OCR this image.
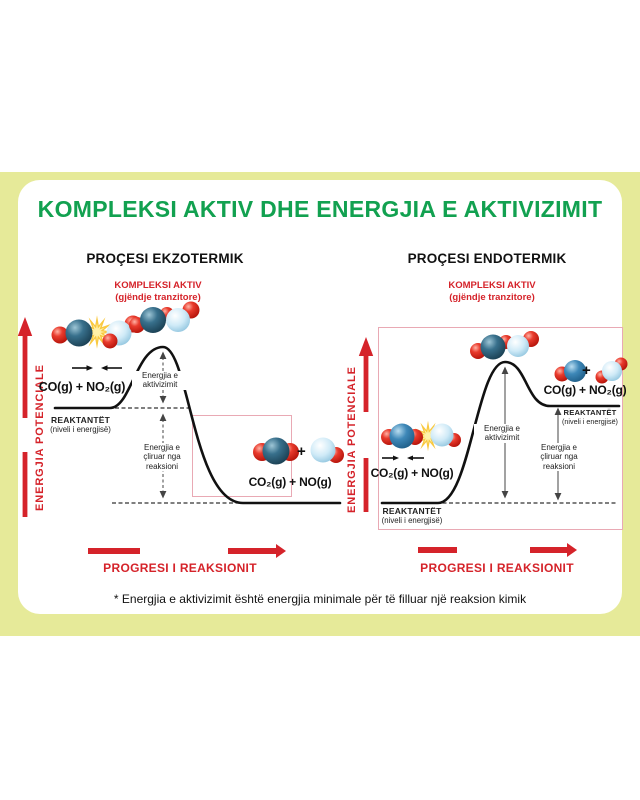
KOMPLEKSI AKTIV DHE ENERGJIA E AKTIVIZIMIT
PROÇESI EKZOTERMIK	PROÇESI ENDOTERMIK
KOMPLEKSI AKTIV
(gjëndje tranzitore)
KOMPLEKSI AKTIV
(gjëndje tranzitore)
ENERGJIA POTENCIALE	ENERGJIA POTENCIALE
CO(g) + NO₂(g)
REAKTANTËT
(niveli i energjisë)
Energjia e aktivizimit
Energjia e çliruar nga reaksioni
+
CO₂(g) + NO(g)
CO₂(g) + NO(g)
REAKTANTËT
(niveli i energjisë)
Energjia e aktivizimit
Energjia e çliruar nga reaksioni
+
CO(g) + NO₂(g)
REAKTANTËT
(niveli i energjisë)
PROGRESI I REAKSIONIT	PROGRESI I REAKSIONIT
* Energjia e aktivizimit është energjia minimale për të filluar një reaksion kimik
